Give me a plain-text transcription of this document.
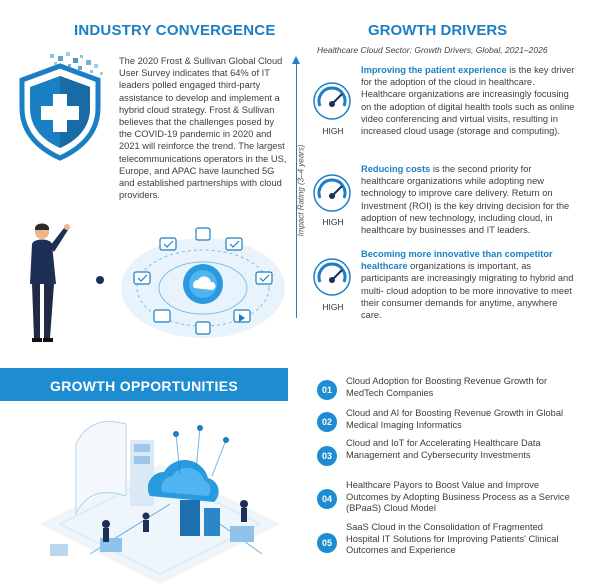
INDUSTRY CONVERGENCE
The 2020 Frost & Sullivan Global Cloud User Survey indicates that 64% of IT leaders polled engaged third-party assistance to develop and implement a hybrid cloud strategy. Frost & Sullivan believes that the challenges posed by the COVID-19 pandemic in 2020 and 2021 will reinforce the trend. The largest telecommunications operators in the US, Europe, and APAC have launched 5G and established partnerships with cloud providers.
GROWTH DRIVERS
Healthcare Cloud Sector: Growth Drivers, Global, 2021–2026
Impact Rating (3–4 years)
HIGH
Improving the patient experience is the key driver for the adoption of the cloud in healthcare. Healthcare organizations are increasingly focusing on the adoption of digital health tools such as online video conferencing and virtual visits, resulting in increased cloud usage (storage and computing).
HIGH
Reducing costs is the second priority for healthcare organizations while adopting new technology to improve care delivery. Return on Investment (ROI) is the key driving decision for the adoption of new technology, including cloud, in healthcare by businesses and IT leaders.
HIGH
Becoming more innovative than competitor healthcare organizations is important, as participants are increasingly migrating to hybrid and multi- cloud adoption to be more innovative to meet their consumer demands for anytime, anywhere care.
GROWTH OPPORTUNITIES	01
Cloud Adoption for Boosting Revenue Growth for MedTech Companies
02
Cloud and AI for Boosting Revenue Growth in Global Medical Imaging Informatics
03
Cloud and IoT for Accelerating Healthcare Data Management and Cybersecurity Investments
04
Healthcare Payors to Boost Value and Improve Outcomes by Adopting Business Process as a Service (BPaaS) Cloud Model
05
SaaS Cloud in the Consolidation of Fragmented Hospital IT Solutions for Improving Patients' Clinical Outcomes and Experience
